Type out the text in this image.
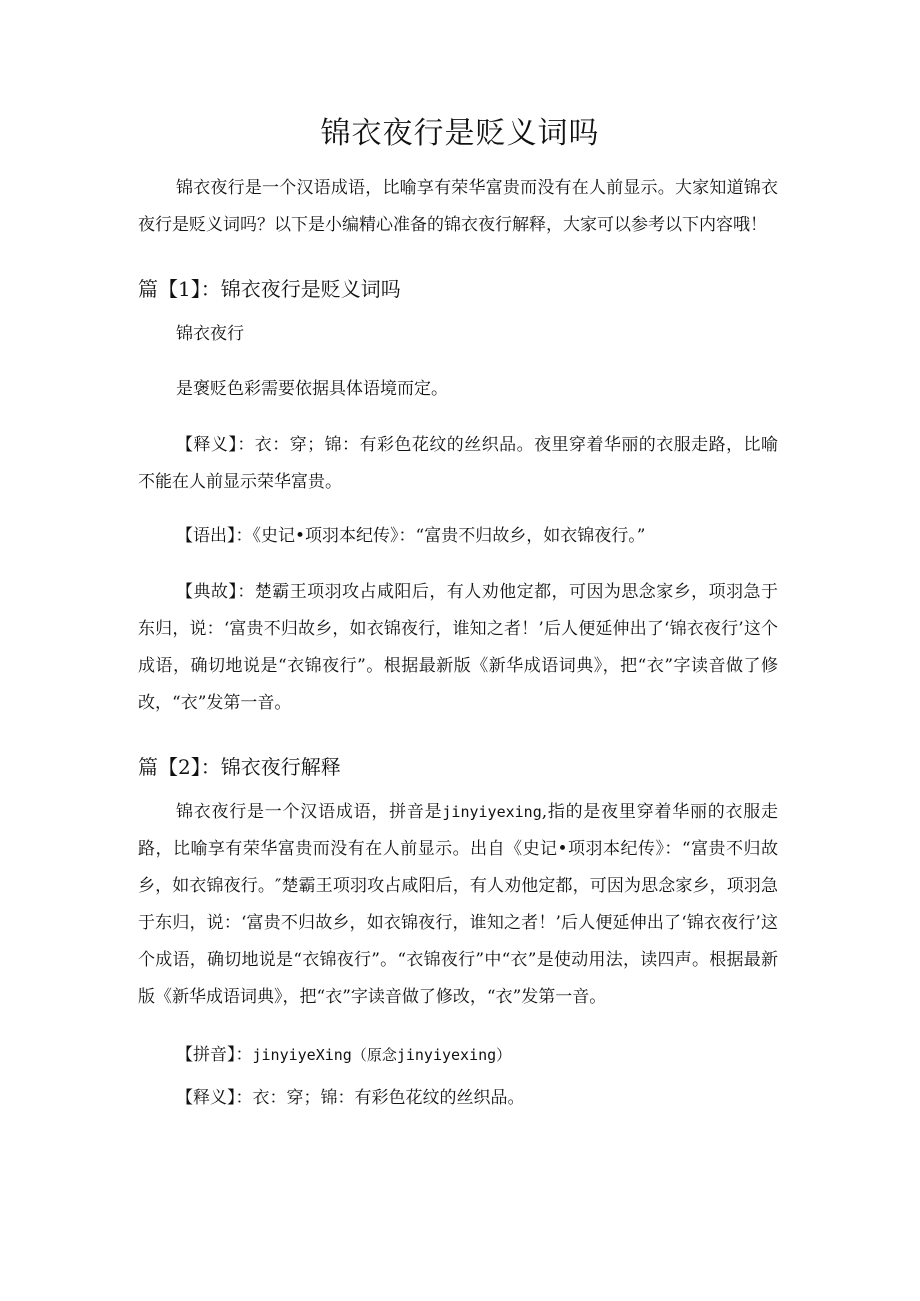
锦衣夜行是贬义词吗

锦衣夜行是一个汉语成语，比喻享有荣华富贵而没有在人前显示。大家知道锦衣夜行是贬义词吗？以下是小编精心准备的锦衣夜行解释，大家可以参考以下内容哦！

篇【1】：锦衣夜行是贬义词吗

锦衣夜行

是褒贬色彩需要依据具体语境而定。

【释义】：衣：穿；锦：有彩色花纹的丝织品。夜里穿着华丽的衣服走路，比喻不能在人前显示荣华富贵。

【语出】：《史记•项羽本纪传》：“富贵不归故乡，如衣锦夜行。”

【典故】：楚霸王项羽攻占咸阳后，有人劝他定都，可因为思念家乡，项羽急于东归，说：‘富贵不归故乡，如衣锦夜行，谁知之者！’后人便延伸出了‘锦衣夜行’这个成语，确切地说是“衣锦夜行”。根据最新版《新华成语词典》，把“衣”字读音做了修改，“衣”发第一音。

篇【2】：锦衣夜行解释

锦衣夜行是一个汉语成语，拼音是jinyiyexing,指的是夜里穿着华丽的衣服走路，比喻享有荣华富贵而没有在人前显示。出自《史记•项羽本纪传》：“富贵不归故乡，如衣锦夜行。″楚霸王项羽攻占咸阳后，有人劝他定都，可因为思念家乡，项羽急于东归，说：‘富贵不归故乡，如衣锦夜行，谁知之者！’后人便延伸出了‘锦衣夜行’这个成语，确切地说是“衣锦夜行”。“衣锦夜行”中“衣”是使动用法，读四声。根据最新版《新华成语词典》，把“衣”字读音做了修改，“衣”发第一音。

【拼音】：jinyiyeXing（原念jinyiyexing）

【释义】：衣：穿；锦：有彩色花纹的丝织品。
